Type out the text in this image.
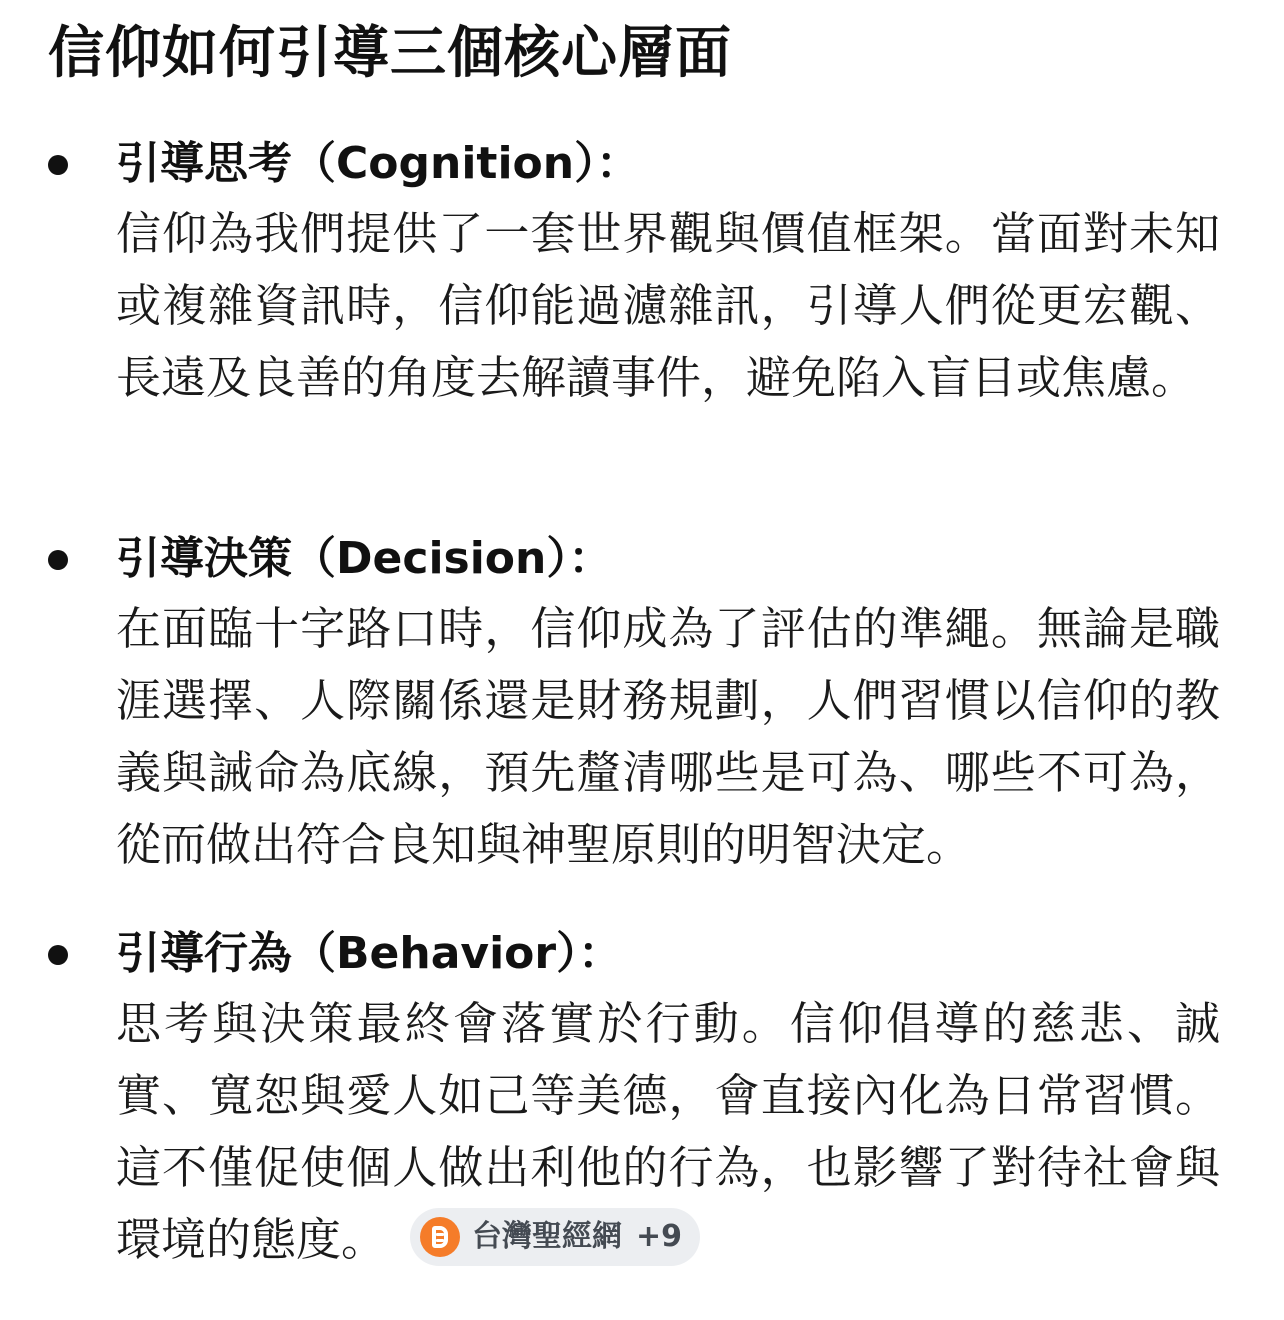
信仰如何引導三個核心層面

引導思考（Cognition）：

信仰為我們提供了一套世界觀與價值框架。當面對未知或複雜資訊時，信仰能過濾雜訊，引導人們從更宏觀、長遠及良善的角度去解讀事件，避免陷入盲目或焦慮。

引導決策（Decision）：

在面臨十字路口時，信仰成為了評估的準繩。無論是職涯選擇、人際關係還是財務規劃，人們習慣以信仰的教義與誡命為底線，預先釐清哪些是可為、哪些不可為，從而做出符合良知與神聖原則的明智決定。

引導行為（Behavior）：

思考與決策最終會落實於行動。信仰倡導的慈悲、誠實、寬恕與愛人如己等美德，會直接內化為日常習慣。這不僅促使個人做出利他的行為，也影響了對待社會與環境的態度。	台灣聖經網 +9
